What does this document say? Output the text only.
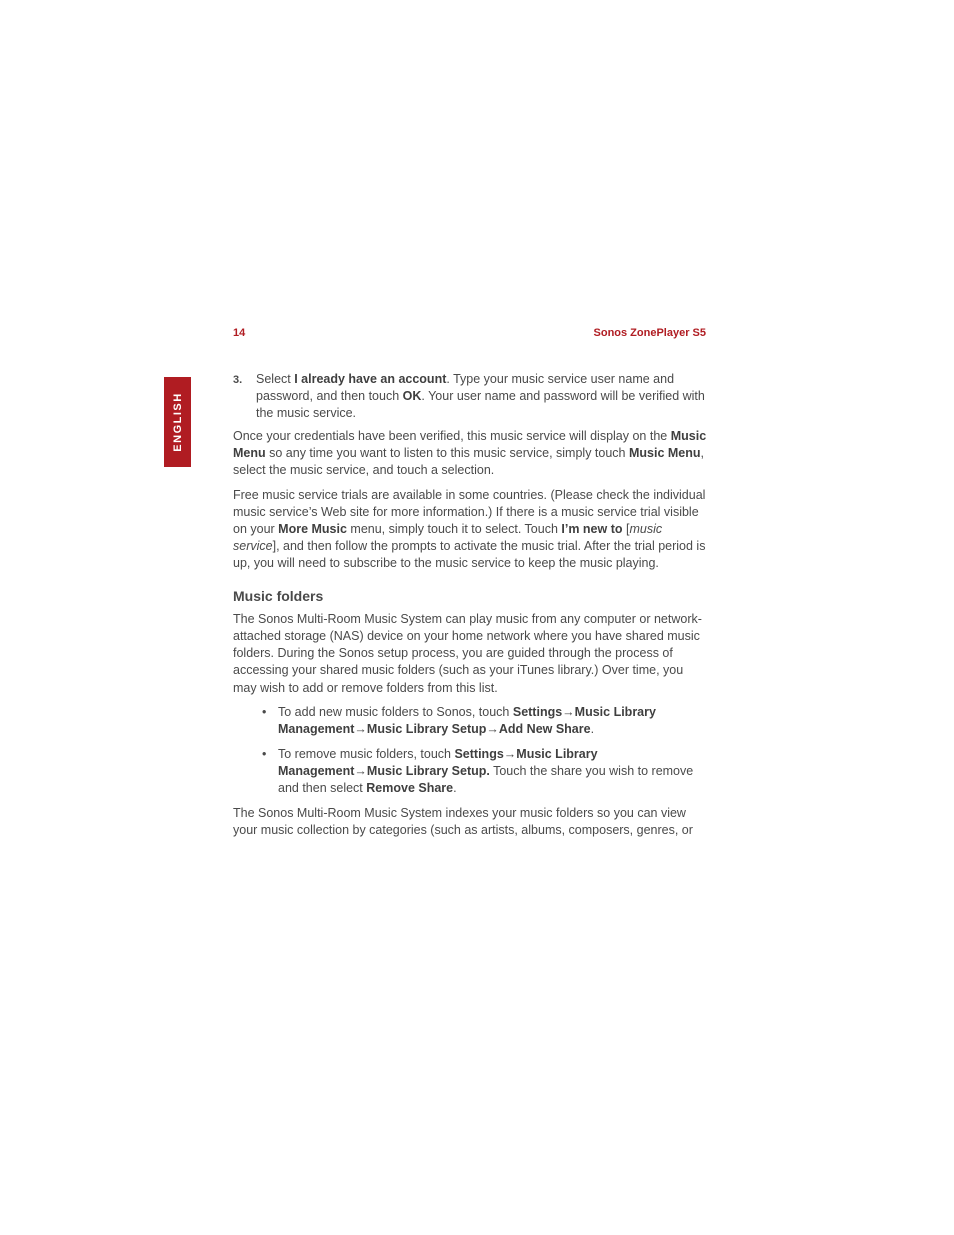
14	Sonos ZonePlayer S5
ENGLISH
3. Select I already have an account. Type your music service user name and password, and then touch OK. Your user name and password will be verified with the music service.

Once your credentials have been verified, this music service will display on the Music Menu so any time you want to listen to this music service, simply touch Music Menu, select the music service, and touch a selection.

Free music service trials are available in some countries. (Please check the individual music service’s Web site for more information.) If there is a music service trial visible on your More Music menu, simply touch it to select. Touch I’m new to [music service], and then follow the prompts to activate the music trial. After the trial period is up, you will need to subscribe to the music service to keep the music playing.

Music folders

The Sonos Multi-Room Music System can play music from any computer or network-attached storage (NAS) device on your home network where you have shared music folders. During the Sonos setup process, you are guided through the process of accessing your shared music folders (such as your iTunes library.) Over time, you may wish to add or remove folders from this list.

• To add new music folders to Sonos, touch Settings→Music Library Management→Music Library Setup→Add New Share.
• To remove music folders, touch Settings→Music Library Management→Music Library Setup. Touch the share you wish to remove and then select Remove Share.

The Sonos Multi-Room Music System indexes your music folders so you can view your music collection by categories (such as artists, albums, composers, genres, or
